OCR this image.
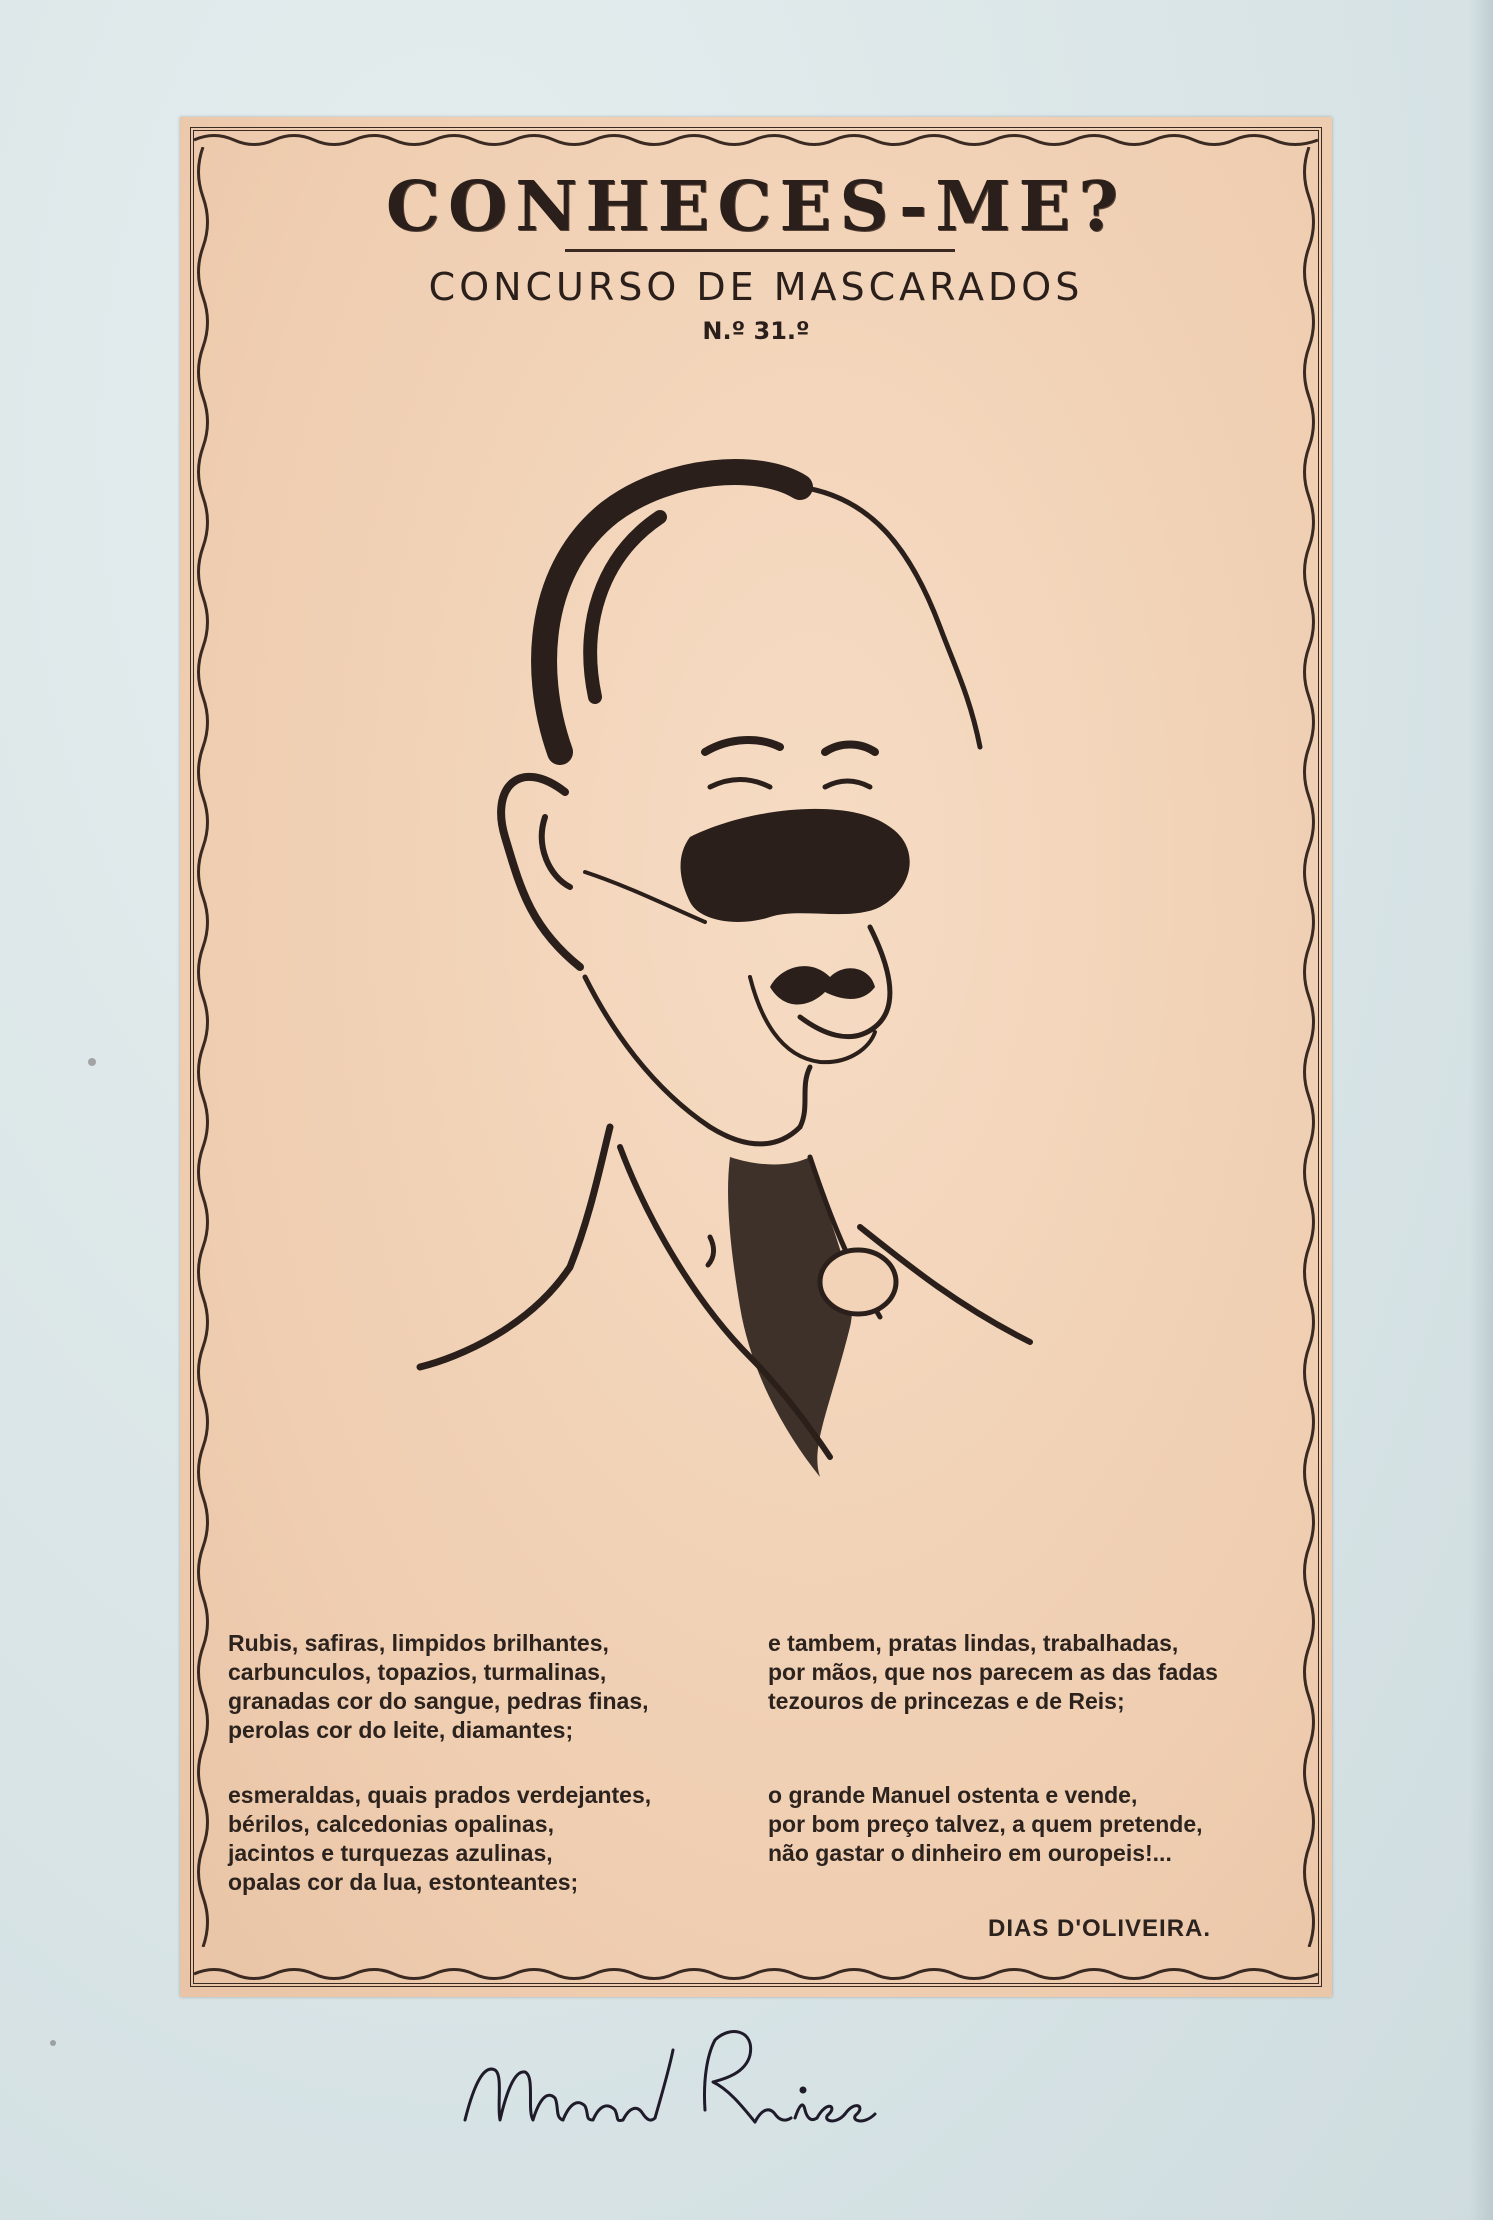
CONHECES-ME?
CONCURSO DE MASCARADOS
N.º 31.º
Rubis, safiras, limpidos brilhantes,
carbunculos, topazios, turmalinas,
granadas cor do sangue, pedras finas,
perolas cor do leite, diamantes;
esmeraldas, quais prados verdejantes,
bérilos, calcedonias opalinas,
jacintos e turquezas azulinas,
opalas cor da lua, estonteantes;
e tambem, pratas lindas, trabalhadas,
por mãos, que nos parecem as das fadas
tezouros de princezas e de Reis;
o grande Manuel ostenta e vende,
por bom preço talvez, a quem pretende,
não gastar o dinheiro em ouropeis!...
DIAS D'OLIVEIRA.
